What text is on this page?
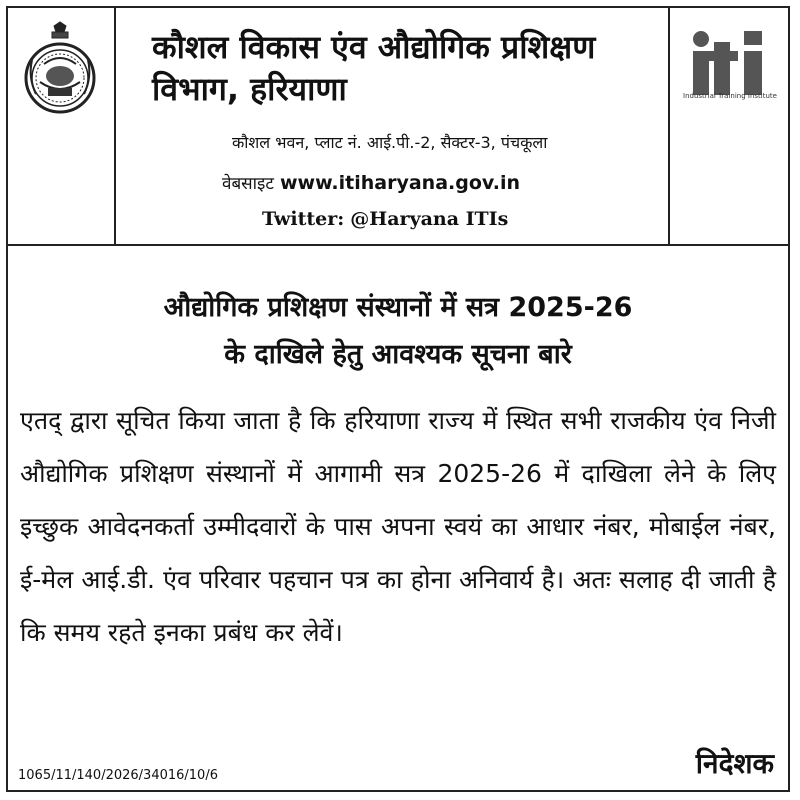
कौशल विकास एंव औद्योगिक प्रशिक्षण
विभाग, हरियाणा
कौशल भवन, प्लाट नं. आई.पी.-2, सैक्टर-3, पंचकूला
वेबसाइट www.itiharyana.gov.in
Twitter: @Haryana ITIs
iti
Industrial Training Institute
औद्योगिक प्रशिक्षण संस्थानों में सत्र 2025-26
के दाखिले हेतु आवश्यक सूचना बारे
एतद् द्वारा सूचित किया जाता है कि हरियाणा राज्य में स्थित सभी राजकीय एंव निजी औद्योगिक प्रशिक्षण संस्थानों में आगामी सत्र 2025-26 में दाखिला लेने के लिए इच्छुक आवेदनकर्ता उम्मीदवारों के पास अपना स्वयं का आधार नंबर, मोबाईल नंबर, ई-मेल आई.डी. एंव परिवार पहचान पत्र का होना अनिवार्य है। अतः सलाह दी जाती है कि समय रहते इनका प्रबंध कर लेवें।
1065/11/140/2026/34016/10/6	निदेशक
